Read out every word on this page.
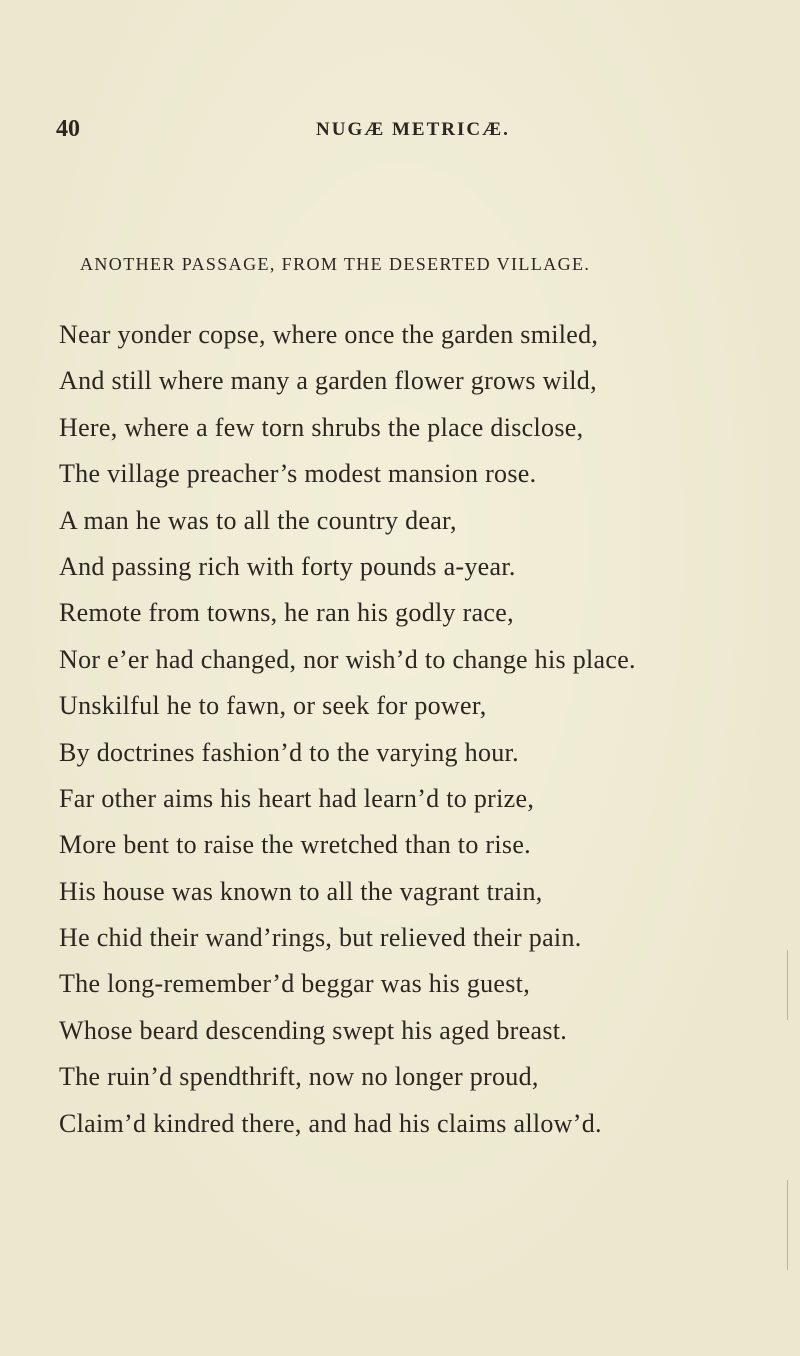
40	NUGÆ METRICÆ.
ANOTHER PASSAGE, FROM THE DESERTED VILLAGE.
Near yonder copse, where once the garden smiled,
And still where many a garden flower grows wild,
Here, where a few torn shrubs the place disclose,
The village preacher’s modest mansion rose.
A man he was to all the country dear,
And passing rich with forty pounds a-year.
Remote from towns, he ran his godly race,
Nor e’er had changed, nor wish’d to change his place.
Unskilful he to fawn, or seek for power,
By doctrines fashion’d to the varying hour.
Far other aims his heart had learn’d to prize,
More bent to raise the wretched than to rise.
His house was known to all the vagrant train,
He chid their wand’rings, but relieved their pain.
The long-remember’d beggar was his guest,
Whose beard descending swept his aged breast.
The ruin’d spendthrift, now no longer proud,
Claim’d kindred there, and had his claims allow’d.
